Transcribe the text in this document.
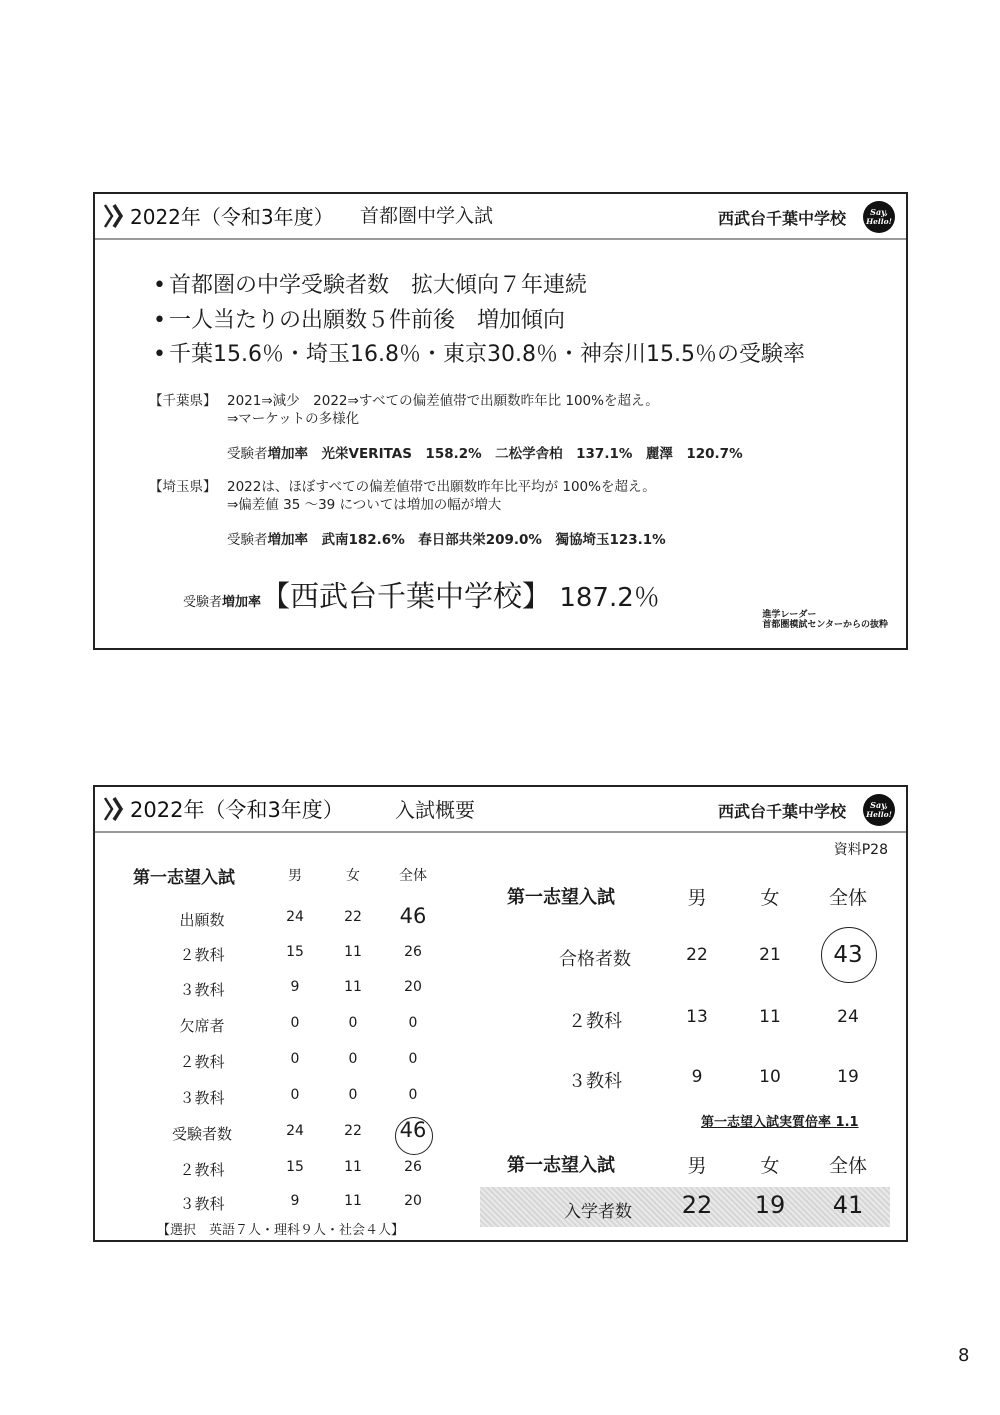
2022年（令和3年度） 首都圏中学入試	西武台千葉中学校	Say,
Hello!
• 首都圏の中学受験者数　拡大傾向７年連続
• 一人当たりの出願数５件前後　増加傾向
• 千葉15.6％・埼玉16.8％・東京30.8％・神奈川15.5％の受験率
【千葉県】 2021⇒減少　2022⇒すべての偏差値帯で出願数昨年比 100%を超え。
⇒マーケットの多様化
受験者増加率　 光栄VERITAS　158.2%　二松学舎柏　137.1%　麗澤　120.7%
【埼玉県】 2022は、ほぼすべての偏差値帯で出願数昨年比平均が 100%を超え。
⇒偏差値 35 ～39 については増加の幅が増大
受験者増加率　 武南182.6%　春日部共栄209.0%　獨協埼玉123.1%
受験者増加率【西武台千葉中学校】 187.2％
進学レーダー
首都圏模試センターからの抜粋
2022年（令和3年度）	入試概要	西武台千葉中学校	Say,
Hello!
資料P28
第一志望入試	男	女	全体
出願数	24	22 46
２教科	15	11	26
３教科	9	11	20
欠席者	0	0	0
２教科	0	0	0
３教科	0	0	0
受験者数	24	22 46
２教科	15	11	26
３教科	9	11	20
【選択　英語７人・理科９人・社会４人】
第一志望入試	男	女	全体
合格者数	22	21 43
２教科	13	11	24
３教科	9	10	19
第一志望入試実質倍率 1.1
第一志望入試	男	女	全体
入学者数 22 19 41
8
